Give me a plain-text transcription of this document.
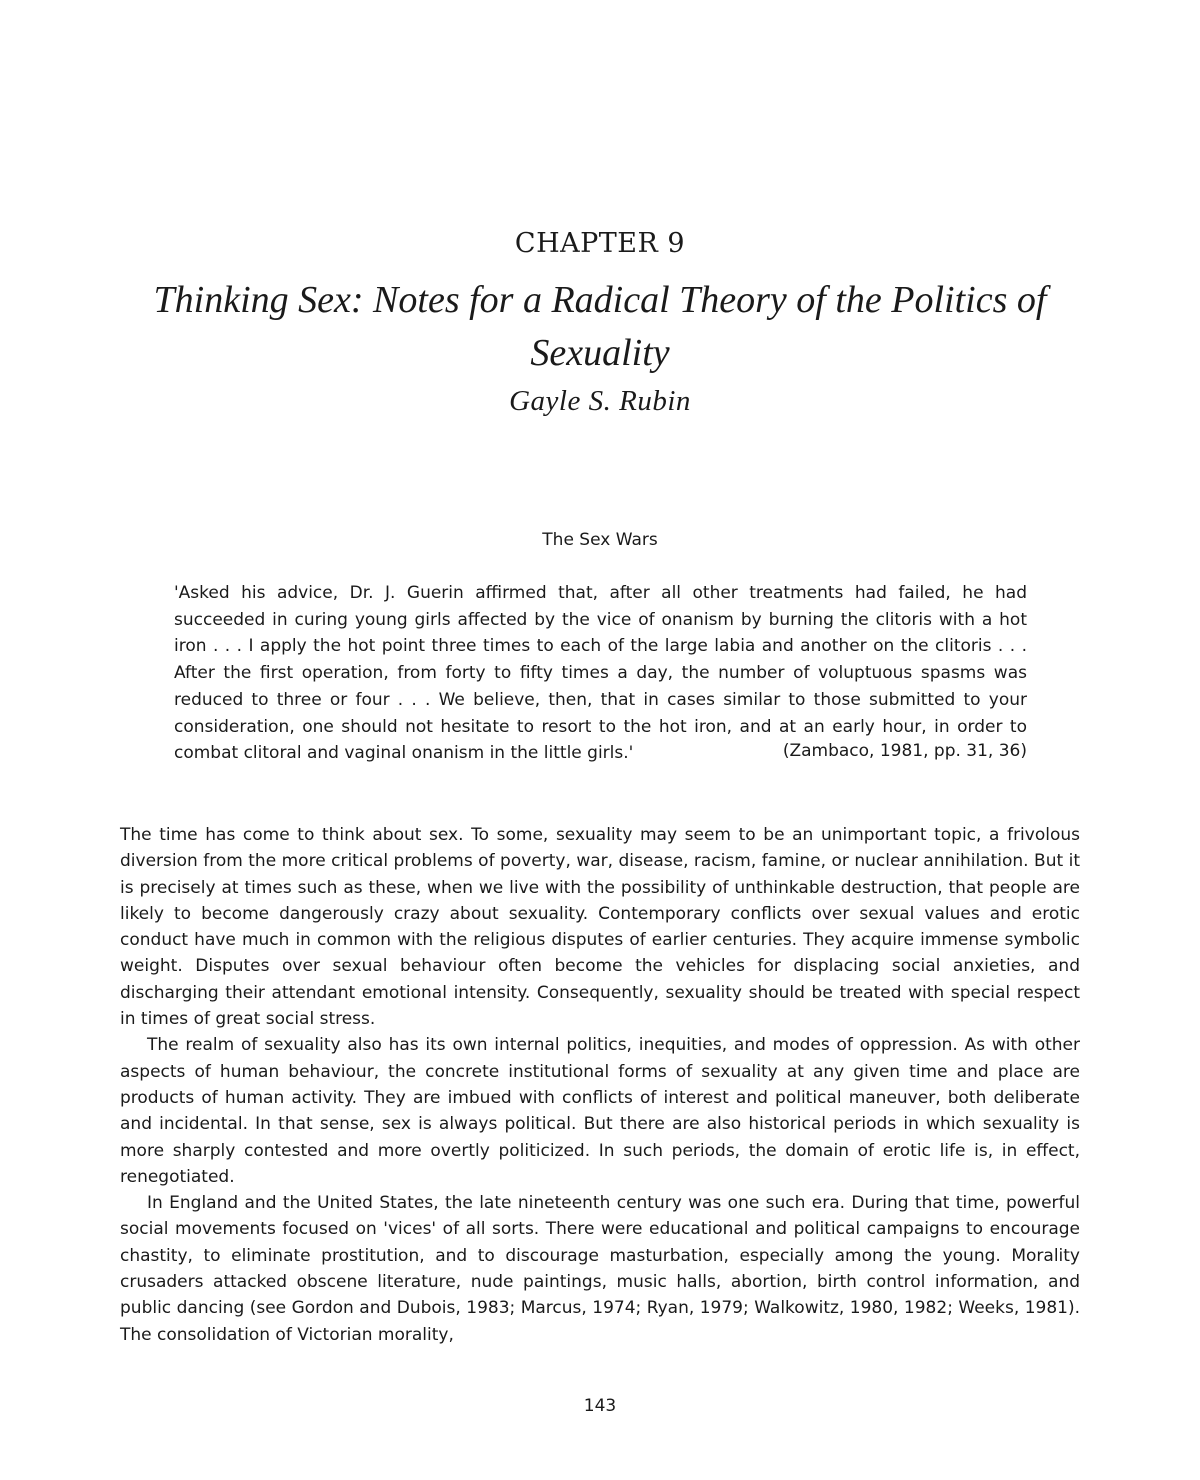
CHAPTER 9
Thinking Sex: Notes for a Radical Theory of the Politics of Sexuality
Gayle S. Rubin
The Sex Wars
'Asked his advice, Dr. J. Guerin affirmed that, after all other treatments had failed, he had succeeded in curing young girls affected by the vice of onanism by burning the clitoris with a hot iron . . . I apply the hot point three times to each of the large labia and another on the clitoris . . . After the first operation, from forty to fifty times a day, the number of voluptuous spasms was reduced to three or four . . . We believe, then, that in cases similar to those submitted to your consideration, one should not hesitate to resort to the hot iron, and at an early hour, in order to combat clitoral and vaginal onanism in the little girls.'	(Zambaco, 1981, pp. 31, 36)

The time has come to think about sex. To some, sexuality may seem to be an unimportant topic, a frivolous diversion from the more critical problems of poverty, war, disease, racism, famine, or nuclear annihilation. But it is precisely at times such as these, when we live with the possibility of unthinkable destruction, that people are likely to become dangerously crazy about sexuality. Contemporary conflicts over sexual values and erotic conduct have much in common with the religious disputes of earlier centuries. They acquire immense symbolic weight. Disputes over sexual behaviour often become the vehicles for displacing social anxieties, and discharging their attendant emotional intensity. Consequently, sexuality should be treated with special respect in times of great social stress.

The realm of sexuality also has its own internal politics, inequities, and modes of oppression. As with other aspects of human behaviour, the concrete institutional forms of sexuality at any given time and place are products of human activity. They are imbued with conflicts of interest and political maneuver, both deliberate and incidental. In that sense, sex is always political. But there are also historical periods in which sexuality is more sharply contested and more overtly politicized. In such periods, the domain of erotic life is, in effect, renegotiated.

In England and the United States, the late nineteenth century was one such era. During that time, powerful social movements focused on 'vices' of all sorts. There were educational and political campaigns to encourage chastity, to eliminate prostitution, and to discourage masturbation, especially among the young. Morality crusaders attacked obscene literature, nude paintings, music halls, abortion, birth control information, and public dancing (see Gordon and Dubois, 1983; Marcus, 1974; Ryan, 1979; Walkowitz, 1980, 1982; Weeks, 1981). The consolidation of Victorian morality,

143
